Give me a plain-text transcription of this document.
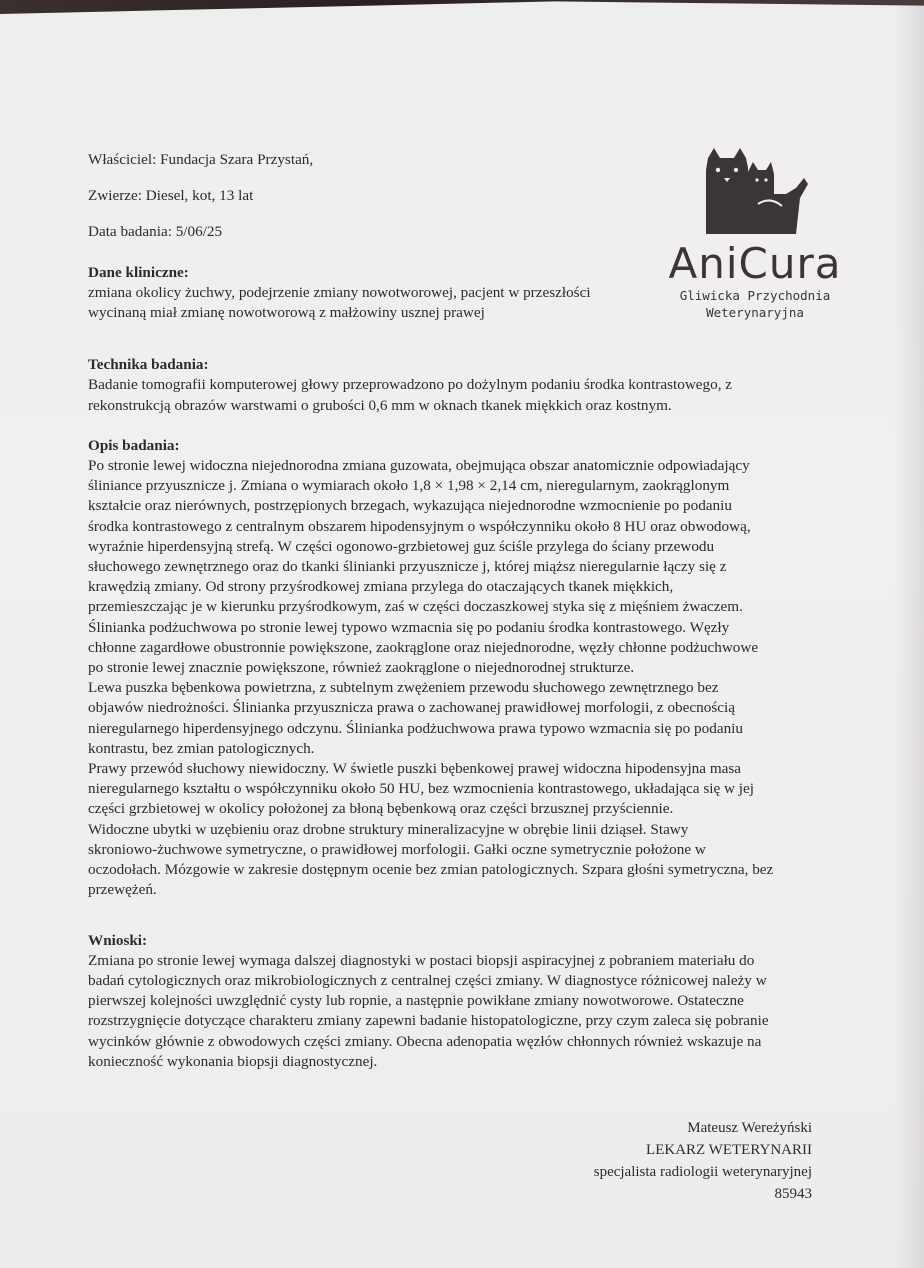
AniCura
Gliwicka Przychodnia
Weterynaryjna

Właściciel: Fundacja Szara Przystań,

Zwierze: Diesel, kot, 13 lat

Data badania: 5/06/25

Dane kliniczne:

zmiana okolicy żuchwy, podejrzenie zmiany nowotworowej, pacjent w przeszłości

wycinaną miał zmianę nowotworową z małżowiny usznej prawej

Technika badania:

Badanie tomografii komputerowej głowy przeprowadzono po dożylnym podaniu środka kontrastowego, z

rekonstrukcją obrazów warstwami o grubości 0,6 mm w oknach tkanek miękkich oraz kostnym.

Opis badania:

Po stronie lewej widoczna niejednorodna zmiana guzowata, obejmująca obszar anatomicznie odpowiadający

śliniance przyusznicze j. Zmiana o wymiarach około 1,8 × 1,98 × 2,14 cm, nieregularnym, zaokrąglonym

kształcie oraz nierównych, postrzępionych brzegach, wykazująca niejednorodne wzmocnienie po podaniu

środka kontrastowego z centralnym obszarem hipodensyjnym o współczynniku około 8 HU oraz obwodową,

wyraźnie hiperdensyjną strefą. W części ogonowo-grzbietowej guz ściśle przylega do ściany przewodu

słuchowego zewnętrznego oraz do tkanki ślinianki przyusznicze j, której miąższ nieregularnie łączy się z

krawędzią zmiany. Od strony przyśrodkowej zmiana przylega do otaczających tkanek miękkich,

przemieszczając je w kierunku przyśrodkowym, zaś w części doczaszkowej styka się z mięśniem żwaczem.

Ślinianka podżuchwowa po stronie lewej typowo wzmacnia się po podaniu środka kontrastowego. Węzły

chłonne zagardłowe obustronnie powiększone, zaokrąglone oraz niejednorodne, węzły chłonne podżuchwowe

po stronie lewej znacznie powiększone, również zaokrąglone o niejednorodnej strukturze.

Lewa puszka bębenkowa powietrzna, z subtelnym zwężeniem przewodu słuchowego zewnętrznego bez

objawów niedrożności. Ślinianka przyusznicza prawa o zachowanej prawidłowej morfologii, z obecnością

nieregularnego hiperdensyjnego odczynu. Ślinianka podżuchwowa prawa typowo wzmacnia się po podaniu

kontrastu, bez zmian patologicznych.

Prawy przewód słuchowy niewidoczny. W świetle puszki bębenkowej prawej widoczna hipodensyjna masa

nieregularnego kształtu o współczynniku około 50 HU, bez wzmocnienia kontrastowego, układająca się w jej

części grzbietowej w okolicy położonej za błoną bębenkową oraz części brzusznej przyściennie.

Widoczne ubytki w uzębieniu oraz drobne struktury mineralizacyjne w obrębie linii dziąseł. Stawy

skroniowo-żuchwowe symetryczne, o prawidłowej morfologii. Gałki oczne symetrycznie położone w

oczodołach. Mózgowie w zakresie dostępnym ocenie bez zmian patologicznych. Szpara głośni symetryczna, bez

przewężeń.

Wnioski:

Zmiana po stronie lewej wymaga dalszej diagnostyki w postaci biopsji aspiracyjnej z pobraniem materiału do

badań cytologicznych oraz mikrobiologicznych z centralnej części zmiany. W diagnostyce różnicowej należy w

pierwszej kolejności uwzględnić cysty lub ropnie, a następnie powikłane zmiany nowotworowe. Ostateczne

rozstrzygnięcie dotyczące charakteru zmiany zapewni badanie histopatologiczne, przy czym zaleca się pobranie

wycinków głównie z obwodowych części zmiany. Obecna adenopatia węzłów chłonnych również wskazuje na

konieczność wykonania biopsji diagnostycznej.

Mateusz Wereżyński
LEKARZ WETERYNARII
specjalista radiologii weterynaryjnej
85943
